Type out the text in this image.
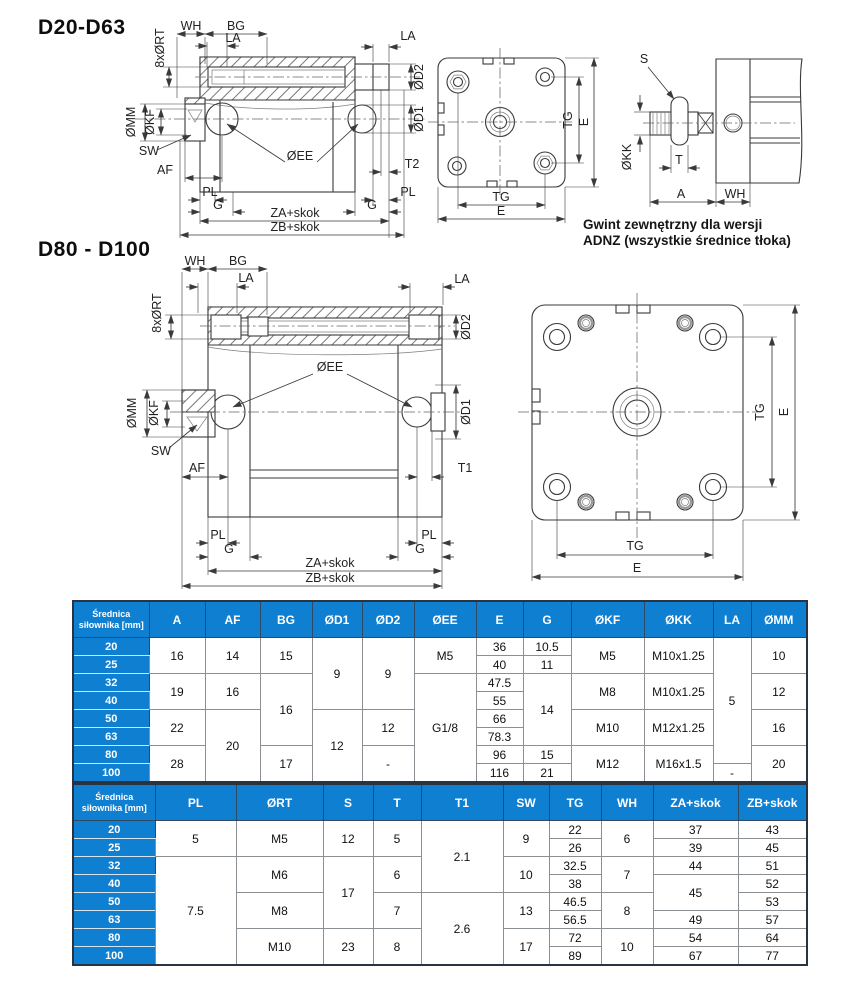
D20-D63
D80 - D100
WH BG
LA	LA
8xØRT
ØMM ØKF
SW
AF
ØEE
ØD2
ØD1
T2
PL
G
PL
G
ZA+skok
ZB+skok
TG E
TG
E
S
ØKK	T
A	WH
Gwint zewnętrzny dla wersji
ADNZ (wszystkie średnice tłoka)
WH BG
LA	LA
8xØRT	ØD2
ØD1
ØEE
ØMM ØKF
SW
AF	T1
PL
G
PL
G
ZA+skok
ZB+skok
TG E
TG
E
Średnica siłownika [mm]	A	AF	BG	ØD1	ØD2	ØEE	E	G	ØKF	ØKK	LA	ØMM
20	16	14	15	9	9	M5	36	10.5	M5	M10x1.25	5	10
25							40	11				
32	19	16	16			G1/8	47.5	14	M8	M10x1.25		12
40							55					
50	22	20		12	12		66		M10	M12x1.25		16
63							78.3					
80	28		17		-		96	15	M12	M16x1.5		20
100							116	21			-	
Średnica siłownika [mm]	PL	ØRT	S	T	T1	SW	TG	WH	ZA+skok	ZB+skok
20	5	M5	12	5	2.1	9	22	6	37	43
25							26		39	45
32	7.5	M6	17	6		10	32.5	7	44	51
40							38		45	52
50		M8		7	2.6	13	46.5	8		53
63							56.5		49	57
80		M10	23	8		17	72	10	54	64
100							89		67	77
